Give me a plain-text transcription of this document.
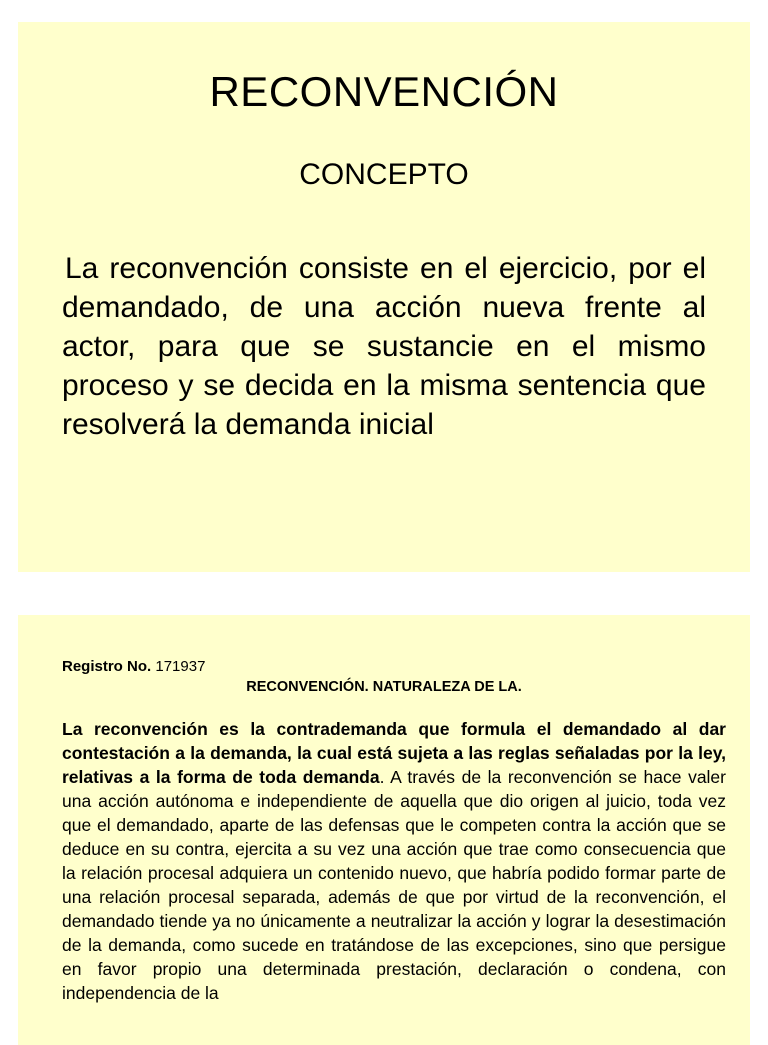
RECONVENCIÓN
CONCEPTO

La reconvención consiste en el ejercicio, por el demandado, de una acción nueva frente al actor, para que se sustancie en el mismo proceso y se decida en la misma sentencia que resolverá la demanda inicial

Registro No. 171937

RECONVENCIÓN. NATURALEZA DE LA.

La reconvención es la contrademanda que formula el demandado al dar contestación a la demanda, la cual está sujeta a las reglas señaladas por la ley, relativas a la forma de toda demanda. A través de la reconvención se hace valer una acción autónoma e independiente de aquella que dio origen al juicio, toda vez que el demandado, aparte de las defensas que le competen contra la acción que se deduce en su contra, ejercita a su vez una acción que trae como consecuencia que la relación procesal adquiera un contenido nuevo, que habría podido formar parte de una relación procesal separada, además de que por virtud de la reconvención, el demandado tiende ya no únicamente a neutralizar la acción y lograr la desestimación de la demanda, como sucede en tratándose de las excepciones, sino que persigue en favor propio una determinada prestación, declaración o condena, con independencia de la
